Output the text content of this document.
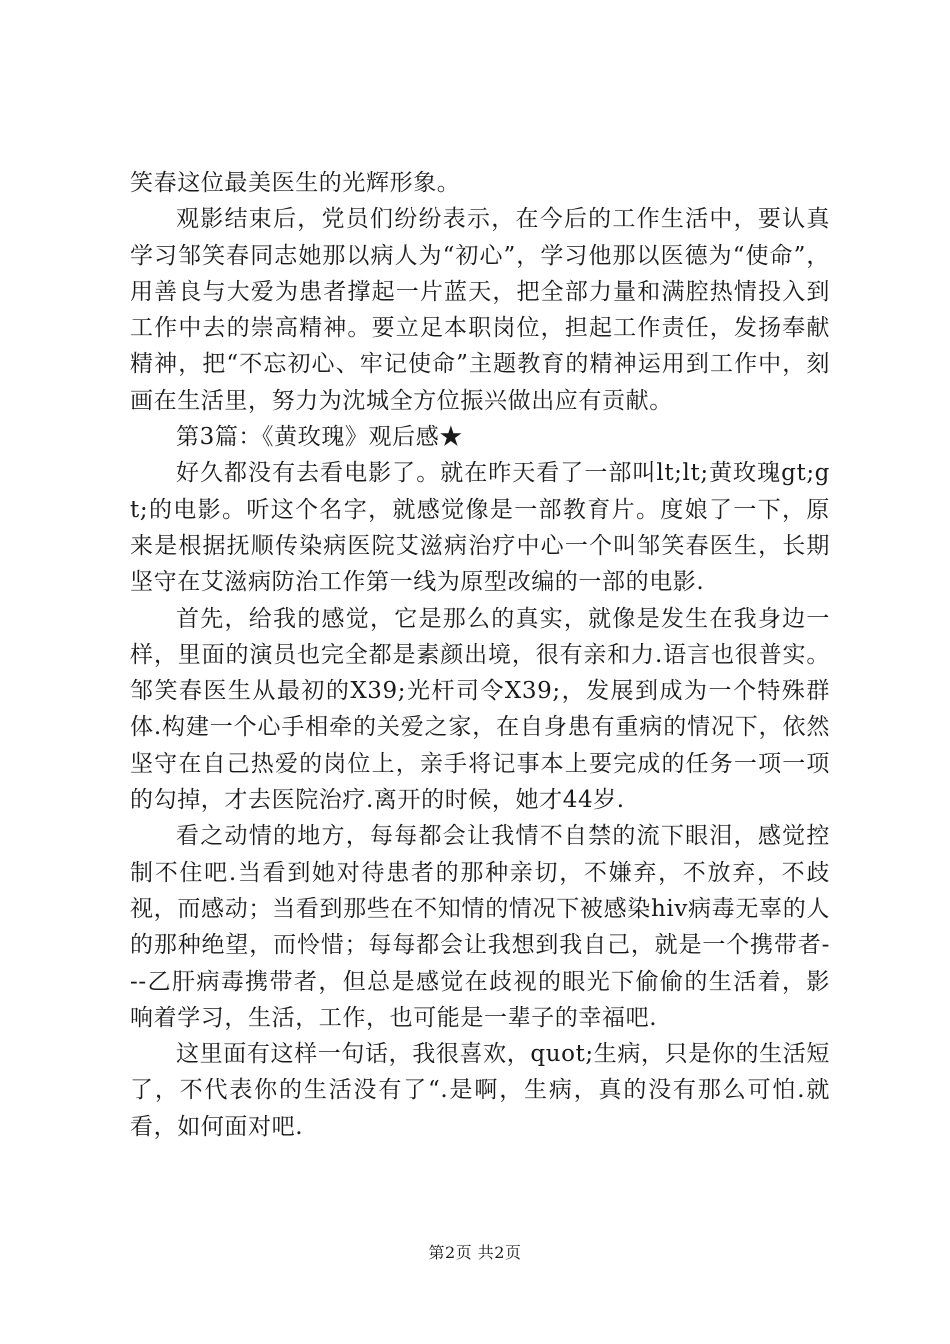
笑春这位最美医生的光辉形象。

观影结束后，党员们纷纷表示，在今后的工作生活中，要认真学习邹笑春同志她那以病人为“初心”，学习他那以医德为“使命”，用善良与大爱为患者撑起一片蓝天，把全部力量和满腔热情投入到工作中去的崇高精神。要立足本职岗位，担起工作责任，发扬奉献精神，把“不忘初心、牢记使命”主题教育的精神运用到工作中，刻画在生活里，努力为沈城全方位振兴做出应有贡献。

第3篇：《黄玫瑰》观后感★

好久都没有去看电影了。就在昨天看了一部叫lt;lt;黄玫瑰gt;gt;的电影。听这个名字，就感觉像是一部教育片。度娘了一下，原来是根据抚顺传染病医院艾滋病治疗中心一个叫邹笑春医生，长期坚守在艾滋病防治工作第一线为原型改编的一部的电影.

首先，给我的感觉，它是那么的真实，就像是发生在我身边一样，里面的演员也完全都是素颜出境，很有亲和力.语言也很普实。邹笑春医生从最初的X39;光杆司令X39;，发展到成为一个特殊群体.构建一个心手相牵的关爱之家，在自身患有重病的情况下，依然坚守在自己热爱的岗位上，亲手将记事本上要完成的任务一项一项的勾掉，才去医院治疗.离开的时候，她才44岁.

看之动情的地方，每每都会让我情不自禁的流下眼泪，感觉控制不住吧.当看到她对待患者的那种亲切，不嫌弃，不放弃，不歧视，而感动；当看到那些在不知情的情况下被感染hiv病毒无辜的人的那种绝望，而怜惜；每每都会让我想到我自己，就是一个携带者---乙肝病毒携带者，但总是感觉在歧视的眼光下偷偷的生活着，影响着学习，生活，工作，也可能是一辈子的幸福吧.

这里面有这样一句话，我很喜欢，quot;生病，只是你的生活短了，不代表你的生活没有了“.是啊，生病，真的没有那么可怕.就看，如何面对吧.

第2页 共2页
